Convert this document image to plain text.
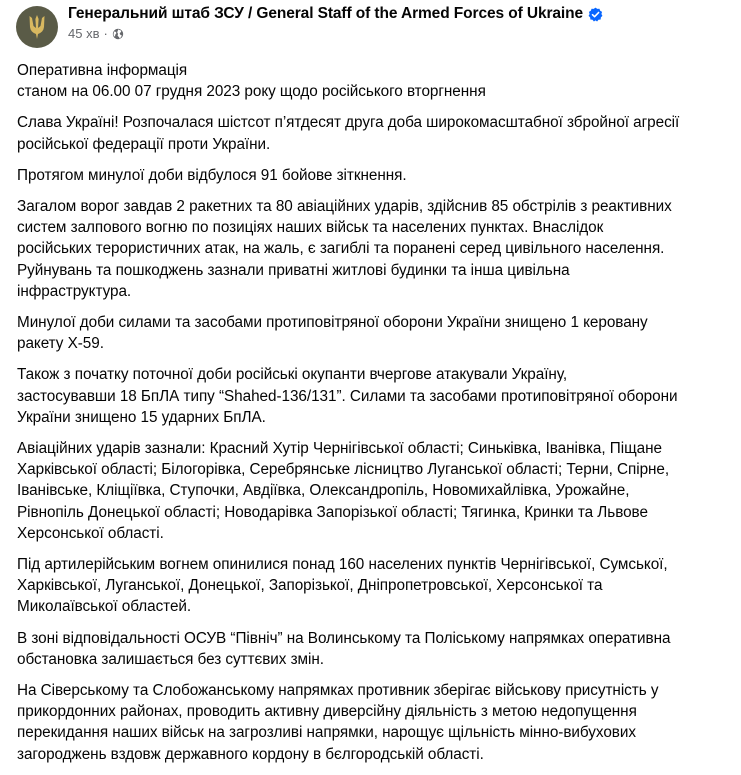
Генеральний штаб ЗСУ / General Staff of the Armed Forces of Ukraine
45 хв ·

Оперативна інформація
станом на 06.00 07 грудня 2023 року щодо російського вторгнення

Слава Україні! Розпочалася шістсот п’ятдесят друга доба широкомасштабної збройної агресії
російської федерації проти України.

Протягом минулої доби відбулося 91 бойове зіткнення.

Загалом ворог завдав 2 ракетних та 80 авіаційних ударів, здійснив 85 обстрілів з реактивних
систем залпового вогню по позиціях наших військ та населених пунктах. Внаслідок
російських терористичних атак, на жаль, є загиблі та поранені серед цивільного населення.
Руйнувань та пошкоджень зазнали приватні житлові будинки та інша цивільна
інфраструктура.

Минулої доби силами та засобами протиповітряної оборони України знищено 1 керовану
ракету Х-59.

Також з початку поточної доби російські окупанти вчергове атакували Україну,
застосувавши 18 БпЛА типу “Shahed-136/131”. Силами та засобами протиповітряної оборони
України знищено 15 ударних БпЛА.

Авіаційних ударів зазнали: Красний Хутір Чернігівської області; Синьківка, Іванівка, Піщане
Харківської області; Білогорівка, Серебрянське лісництво Луганської області; Терни, Спірне,
Іванівське, Кліщіївка, Ступочки, Авдіївка, Олександропіль, Новомихайлівка, Урожайне,
Рівнопіль Донецької області; Новодарівка Запорізької області; Тягинка, Кринки та Львове
Херсонської області.

Під артилерійським вогнем опинилися понад 160 населених пунктів Чернігівської, Сумської,
Харківської, Луганської, Донецької, Запорізької, Дніпропетровської, Херсонської та
Миколаївської областей.

В зоні відповідальності ОСУВ “Північ” на Волинському та Поліському напрямках оперативна
обстановка залишається без суттєвих змін.

На Сіверському та Слобожанському напрямках противник зберігає військову присутність у
прикордонних районах, проводить активну диверсійну діяльність з метою недопущення
перекидання наших військ на загрозливі напрямки, нарощує щільність мінно-вибухових
загороджень вздовж державного кордону в бєлгородській області.
